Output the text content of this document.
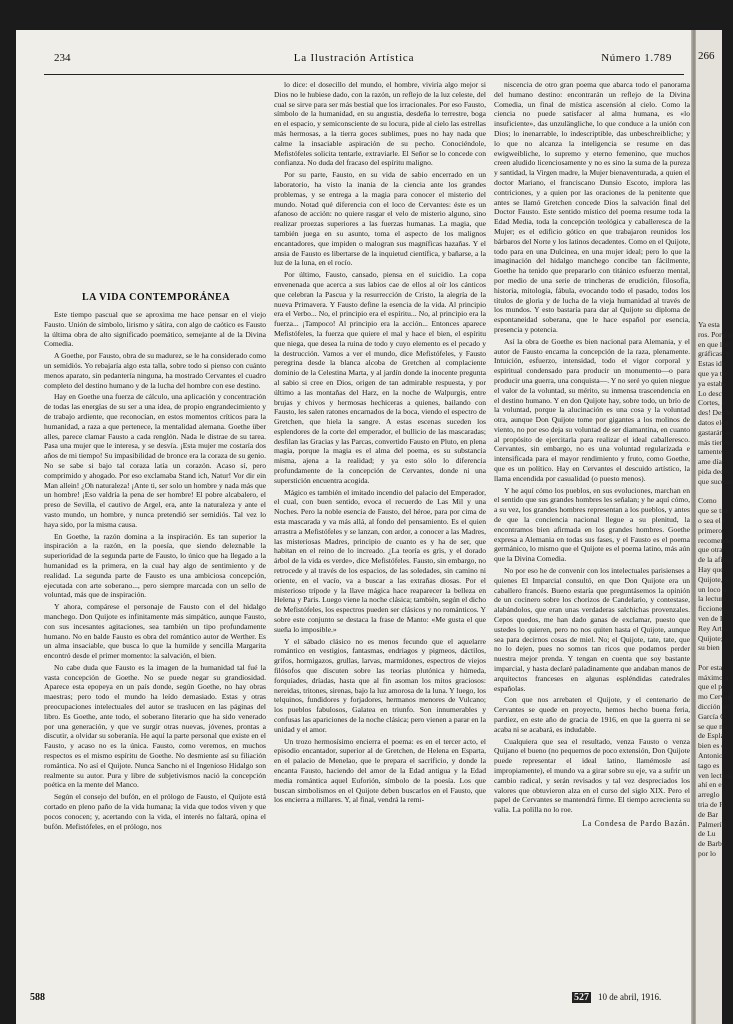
234	La Ilustración Artística	Número 1.789
LA VIDA CONTEMPORÁNEA

Este tiempo pascual que se aproxima me hace pensar en el viejo Fausto. Unión de símbolo, lirismo y sátira, con algo de caótico es Fausto la última obra de alto significado poemático, semejante al de la Divina Comedia.

A Goethe, por Fausto, obra de su madurez, se le ha considerado como un semidiós. Yo rebajaría algo esta talla, sobre todo si pienso con cuánto menos aparato, sin pedantería ninguna, ha mostrado Cervantes el cuadro completo del destino humano y de la lucha del hombre con ese destino.

Hay en Goethe una fuerza de cálculo, una aplicación y concentración de todas las energías de su ser a una idea, de propio engrandecimiento y de trabajo ardiente, que reconocían, en estos momentos críticos para la humanidad, a raza a que pertenece, la mentalidad alemana. Goethe über alles, parece clamar Fausto a cada renglón. Nada le distrae de su tarea. Pasa una mujer que le interesa, y se desvía. ¡Esta mujer me costaría dos años de mi tiempo! Su impasibilidad de bronce era la coraza de su genio. No se sabe si bajo tal coraza latía un corazón. Acaso sí, pero comprimido y ahogado. Por eso exclamaba Stand ich, Natur! Vor dir ein Man allein! ¿Oh naturaleza! ¡Ante ti, ser solo un hombre y nada más que un hombre! ¡Eso valdría la pena de ser hombre! El pobre alcabalero, el preso de Sevilla, el cautivo de Argel, era, ante la naturaleza y ante el vasto mundo, un hombre, y nunca pretendió ser semidiós. Tal vez lo haya sido, por la misma causa.

En Goethe, la razón domina a la inspiración. Es tan superior la inspiración a la razón, en la poesía, que siendo deleznable la superioridad de la segunda parte de Fausto, lo único que ha llegado a la humanidad es la primera, en la cual hay algo de sentimiento y de realidad. La segunda parte de Fausto es una ambiciosa concepción, ejecutada con arte soberano..., pero siempre marcada con un sello de voluntad, más que de inspiración.

Y ahora, compárese el personaje de Fausto con el del hidalgo manchego. Don Quijote es infinitamente más simpático, aunque Fausto, con sus incesantes agitaciones, sea también un tipo profundamente humano. No en balde Fausto es obra del romántico autor de Werther. Es un alma insaciable, que busca lo que la humilde y sencilla Margarita encontró desde el primer momento: la salvación, el bien.

No cabe duda que Fausto es la imagen de la humanidad tal fué la vasta concepción de Goethe. No se puede negar su grandiosidad. Aparece esta epopeya en un país donde, según Goethe, no hay obras maestras; pero todo el mundo ha leído demasiado. Estas y otras preocupaciones intelectuales del autor se traslucen en las páginas del libro. Es Goethe, ante todo, el soberano literario que ha sido venerado por una generación, y que ve surgir otras nuevas, jóvenes, prontas a discutir, a olvidar su soberanía. He aquí la parte personal que existe en el Fausto, y acaso no es la única. Fausto, como veremos, en muchos respectos es el mismo espíritu de Goethe. No desmiente así su filiación romántica. No así el Quijote. Nunca Sancho ni el Ingenioso Hidalgo son realmente su autor. Pura y libre de subjetivismos nació la concepción poética en la mente del Manco.

Según el consejo del bufón, en el prólogo de Fausto, el Quijote está cortado en pleno paño de la vida humana; la vida que todos viven y que pocos conocen; y, acertando con la vida, el interés no faltará, opina el bufón. Mefistófeles, en el prólogo, nos

lo dice: el dosecillo del mundo, el hombre, viviría algo mejor si Dios no le hubiese dado, con la razón, un reflejo de la luz celeste, del cual se sirve para ser más bestial que los irracionales. Por eso Fausto, símbolo de la humanidad, en su angustia, desdeña lo terrestre, boga en el espacio, y semiconsciente de su locura, pide al cielo las estrellas más hermosas, a la tierra goces sublimes, pues no hay nada que calme la insaciable aspiración de su pecho. Conociéndole, Mefistófeles solicita tentarle, extraviarle. El Señor se lo concede con confianza. No duda del fracaso del espíritu maligno.

Por su parte, Fausto, en su vida de sabio encerrado en un laboratorio, ha visto la inania de la ciencia ante los grandes problemas, y se entrega a la magia para conocer el misterio del mundo. Notad qué diferencia con el loco de Cervantes: éste es un afanoso de acción: no quiere rasgar el velo de misterio alguno, sino realizar proezas superiores a las fuerzas humanas. La magia, que también juega en su asunto, toma el aspecto de los malignos encantadores, que impiden o malogran sus magníficas hazañas. Y el ansia de Fausto es libertarse de la inquietud científica, y bañarse, a la luz de la luna, en el rocío.

Por último, Fausto, cansado, piensa en el suicidio. La copa envenenada que acerca a sus labios cae de ellos al oír los cánticos que celebran la Pascua y la resurrección de Cristo, la alegría de la nueva Primavera. Y Fausto define la esencia de la vida. Al principio era el Verbo... No, el principio era el espíritu... No, al principio era la fuerza... ¡Tampoco! Al principio era la acción... Entonces aparece Mefistófeles, la fuerza que quiere el mal y hace el bien, el espíritu que niega, que desea la ruina de todo y cuyo elemento es el pecado y la destrucción. Vamos a ver el mundo, dice Mefistófeles, y Fausto peregrina desde la blanca alcoba de Gretchen al complaciente dominio de la Celestina Marta, y al jardín donde la inocente pregunta al sabio si cree en Dios, origen de tan admirable respuesta, y por último a las montañas del Harz, en la noche de Walpurgis, entre brujas y chivos y hermosas hechiceras a quienes, bailando con Fausto, les salen ratones encarnados de la boca, viendo el espectro de Gretchen, que hiela la sangre. A estas escenas suceden los esplendores de la corte del emperador, el bullicio de las mascaradas; desfilan las Gracias y las Parcas, convertido Fausto en Pluto, en plena magia, porque la magia es el alma del poema, es su substancia misma, ajena a la realidad; y ya esto sólo lo diferencia profundamente de la concepción de Cervantes, donde ni una superstición encuentra acogida.

Mágico es también el imitado incendio del palacio del Emperador, el cual, con buen sentido, evoca el recuerdo de Las Mil y una Noches. Pero la noble esencia de Fausto, del héroe, para por cima de esta mascarada y va más allá, al fondo del pensamiento. Es el quien arrastra a Mefistófeles y se lanzan, con ardor, a conocer a las Madres, las misteriosas Madres, principio de cuanto es y ha de ser, que habitan en el reino de lo increado. ¿La teoría es gris, y el dorado árbol de la vida es verde», dice Mefistófeles. Fausto, sin embargo, no retrocede y al través de los espacios, de las soledades, sin camino ni oriente, en el vacío, va a buscar a las extrañas diosas. Por el misterioso trípode y la llave mágica hace reaparecer la belleza en Helena y Paris. Luego viene la noche clásica; también, según el dicho de Mefistófeles, los espectros pueden ser clásicos y no románticos. Y sobre este conjunto se destaca la frase de Manto: «Me gusta el que sueña lo imposible.»

Y el sábado clásico no es menos fecundo que el aquelarre romántico en vestigios, fantasmas, endriagos y pigmeos, dáctilos, grifos, hormigazos, grullas, larvas, marmídones, espectros de viejos filósofos que discuten sobre las teorías plutónica y húmeda, forquíades, dríadas, hasta que al fin asoman los mitos graciosos: nereidas, tritones, sirenas, bajo la luz amorosa de la luna. Y luego, los telquinos, fundidores y forjadores, hermanos menores de Vulcano; los pueblos fabulosos, Galatea en triunfo. Son innumerables y confusas las apariciones de la noche clásica; pero vienen a parar en la unidad y el amor.

Un trozo hermosísimo encierra el poema: es en el tercer acto, el episodio encantador, superior al de Gretchen, de Helena en Esparta, en el palacio de Menelao, que le prepara el sacrificio, y donde la encanta Fausto, haciendo del amor de la Edad antigua y la Edad media romántica aquel Euforión, símbolo de la poesía. Los que buscan simbolismos en el Quijote deben buscarlos en el Fausto, que los encierra a millares. Y, al final, vendrá la remi-

niscencia de otro gran poema que abarca todo el panorama del humano destino: encontrarán un reflejo de la Divina Comedia, un final de mística ascensión al cielo. Como la ciencia no puede satisfacer al alma humana, es «lo insuficiente», das unzulängliche, lo que conduce a la unión con Dios; lo inenarrable, lo indescriptible, das unbeschreibliche; y lo que no alcanza la inteligencia se resume en das ewigweibliche, lo supremo y eterno femenino, que muchos creen aludido licenciosamente y no es sino la suma de la pureza y santidad, la Virgen madre, la Mujer bienaventurada, a quien el doctor Mariano, el franciscano Dunsio Escoto, implora las contriciones, y a quien por las oraciones de la penitente que antes se llamó Gretchen concede Dios la salvación final del Doctor Fausto. Este sentido místico del poema resume toda la Edad Media, toda la concepción teológica y caballeresca de la Mujer; es el edificio gótico en que trabajaron reunidos los bárbaros del Norte y los latinos decadentes. Como en el Quijote, todo para en una Dulcinea, en una mujer ideal; pero lo que la imaginación del hidalgo manchego concibe tan fácilmente, Goethe ha tenido que prepararlo con titánico esfuerzo mental, por medio de una serie de trincheras de erudición, filosofía, historia, mitología, fábula, evocando todo el pasado, todos los títulos de gloria y de lucha de la vieja humanidad al través de los mundos. Y esto bastaría para dar al Quijote su diploma de espontaneidad soberana, que le hace español por esencia, presencia y potencia.

Así la obra de Goethe es bien nacional para Alemania, y el autor de Fausto encarna la concepción de la raza, plenamente. Intuición, esfuerzo, intensidad, todo el vigor corporal y espiritual condensado para producir un monumento—o para producir una guerra, una conquista—. Y no seré yo quien niegue el valor de la voluntad, su mérito, su inmensa trascendencia en el destino humano. Y en don Quijote hay, sobre todo, un brío de la voluntad, porque la alucinación es una cosa y la voluntad otra, aunque Don Quijote tome por gigantes a los molinos de viento, no por eso deja su voluntad de ser diamantina, en cuanto al propósito de ejercitarla para realizar el ideal caballeresco. Cervantes, sin embargo, no es una voluntad regularizada e intensificada para el mayor rendimiento y fruto, como Goethe, que es un político. Hay en Cervantes el descuido artístico, la llama encendida por casualidad (o puesto menos).

Y he aquí cómo los pueblos, en sus evoluciones, marchan en el sentido que sus grandes hombres les señalan; y he aquí cómo, a su vez, los grandes hombres representan a los pueblos, y antes de que la conciencia nacional llegue a su plenitud, la encontramos bien afirmada en los grandes hombres. Goethe expresa a Alemania en todas sus fases, y el Fausto es el poema germánico, lo mismo que el Quijote es el poema latino, más aún que la Divina Comedia.

No por eso he de convenir con los intelectuales parisienses a quienes El Imparcial consultó, en que Don Quijote era un caballero francés. Bueno estaría que preguntásemos la opinión de un cocinero sobre los chorizos de Candelario, y contestase, alabándolos, que eran unas verdaderas salchichas provenzales. Cepos quedos, me han dado ganas de exclamar, puesto que ustedes lo quieren, pero no nos quiten hasta el Quijote, aunque sea para decirnos cosas de miel. No; el Quijote, tate, tate, que no lo dejen, pues no somos tan ricos que podamos perder nuestra mejor prenda. Y tengan en cuenta que soy bastante imparcial, y hasta declaré paladinamente que andaban manos de arquitectos franceses en algunas espléndidas catedrales españolas.

Con que nos arrebaten el Quijote, y el centenario de Cervantes se quede en proyecto, hemos hecho buena feria, pardiez, en este año de gracia de 1916, en que la guerra ni se acaba ni se acabará, es indudable.

Cualquiera que sea el resultado, venza Fausto o venza Quijano el bueno (no pequemos de poco extensión, Don Quijote puede representar el ideal latino, llamémosle así impropiamente), el mundo va a girar sobre su eje, va a sufrir un cambio radical, y serán revisados y tal vez despreciados los valores que obtuvieron alza en el curso del siglo XIX. Pero el papel de Cervantes se mantendrá firme. El tiempo acrecienta su valía. La polilla no lo roe.

La Condesa de Pardo Bazán.

588	527 10 de abril, 1916.
266
Ya esta
ros. Porque
en que los
gráficas, y
Estas ide
que ya tie
ya estaba
Lo desc
Cortes, y
des! Desde
datos eleg
gastarán en
más tienen
tamente,
ame día
pida decin
que sucede

Como
que se tra
o sea el c
primero
recomenda
que otra
de la afirm
Hay que
Quijote, y
un loco o
la lectura
ficciones,
ven de P
Rey Artur
Quijote; y
su bien

Por esta
máximo a
que el pr
mo Cervan
dicción de
García O
se que no
de Espla
bien es el
Antonio
tago es
ven lectura
ahí en el
arreglo
tria de R
de Bar
Palmerín
de Lu
de Barbe
por lo
